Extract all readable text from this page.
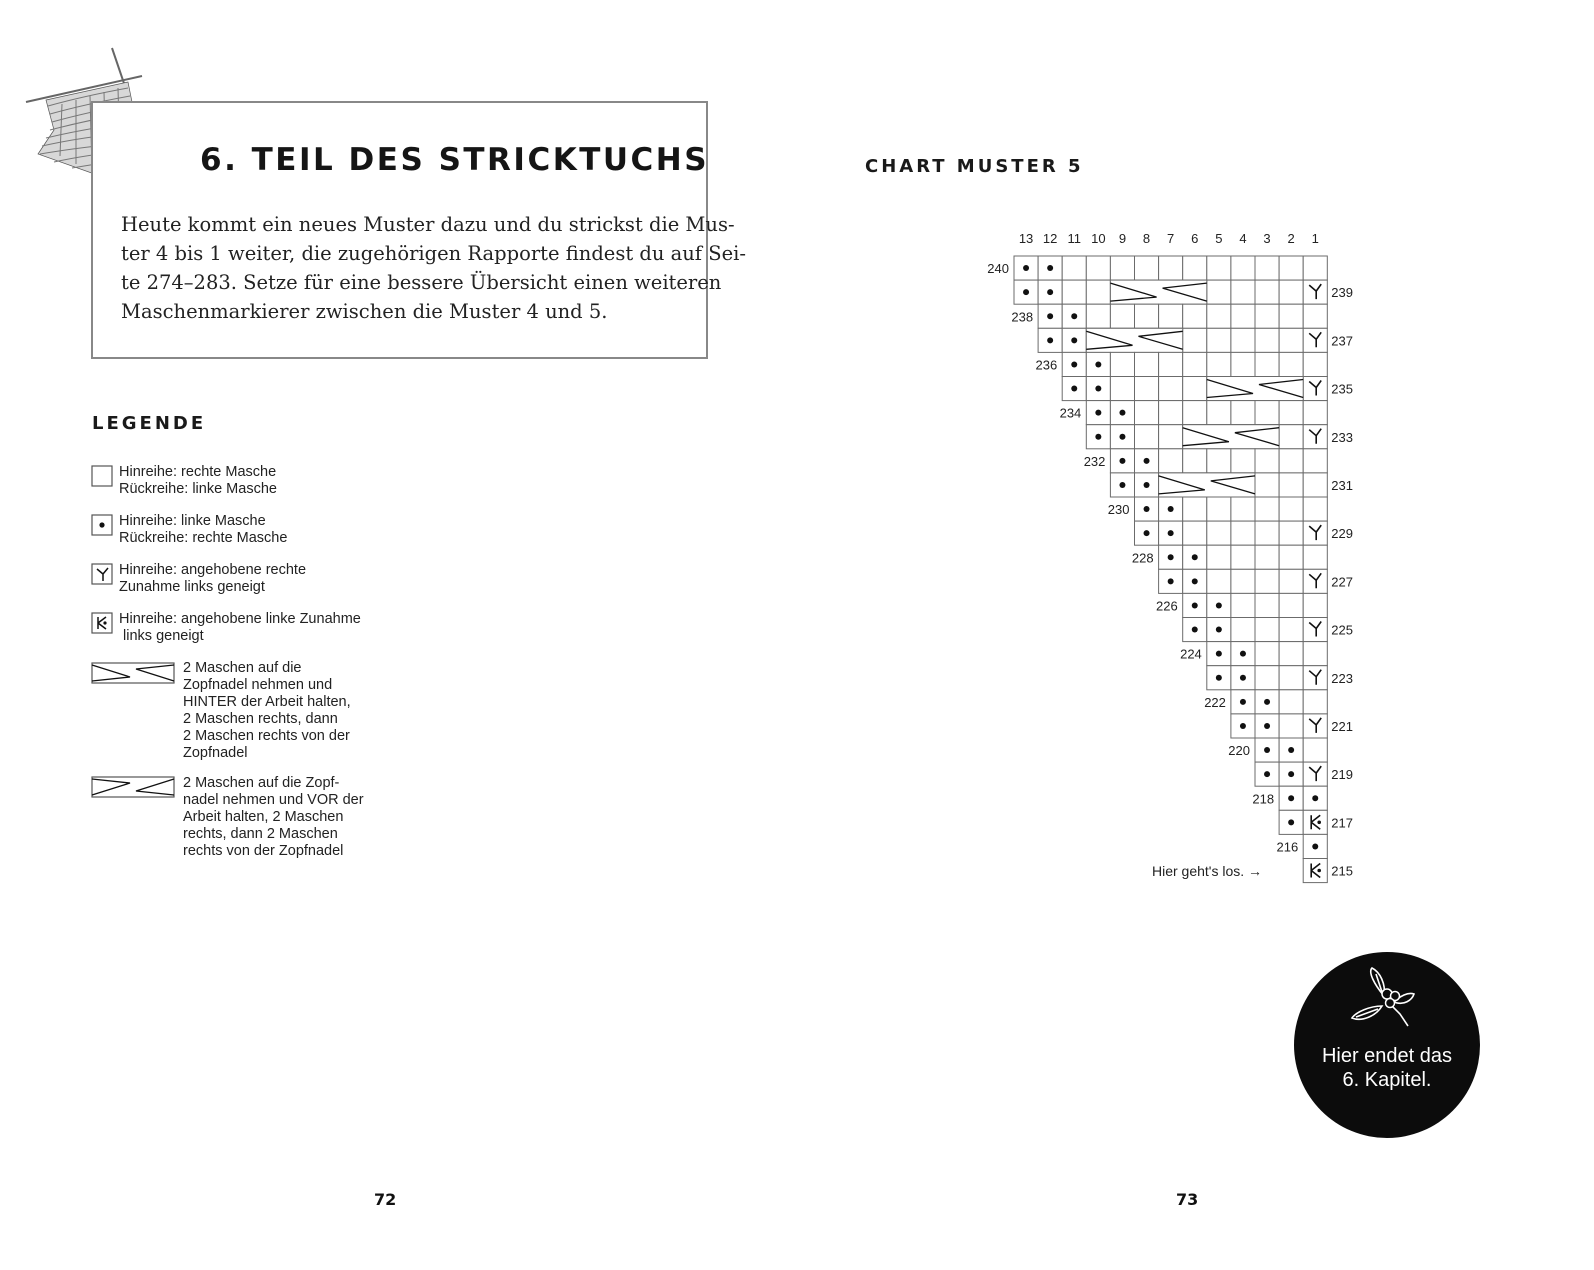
6. TEIL DES STRICKTUCHS
Heute kommt ein neues Muster dazu und du strickst die Mus-
ter 4 bis 1 weiter, die zugehörigen Rapporte findest du auf Sei-
te 274–283. Setze für eine bessere Übersicht einen weiteren
Maschenmarkierer zwischen die Muster 4 und 5.
LEGENDE
Hinreihe: rechte Masche
Rückreihe: linke Masche
Hinreihe: linke Masche
Rückreihe: rechte Masche
Hinreihe: angehobene rechte
Zunahme links geneigt
Hinreihe: angehobene linke Zunahme
links geneigt
2 Maschen auf die
Zopfnadel nehmen und
HINTER der Arbeit halten,
2 Maschen rechts, dann
2 Maschen rechts von der
Zopfnadel
2 Maschen auf die Zopf-
nadel nehmen und VOR der
Arbeit halten, 2 Maschen
rechts, dann 2 Maschen
rechts von der Zopfnadel
72
CHART MUSTER 5
13 12 11 10 9 8 7 6 5 4 3 2 1
240
239
238
237
236
235
234
233
232
231
230
229
228
227
226
225
224
223
222
221
220
219
218
217
216
215
Hier geht's los. →
Hier endet das
6. Kapitel.
73
